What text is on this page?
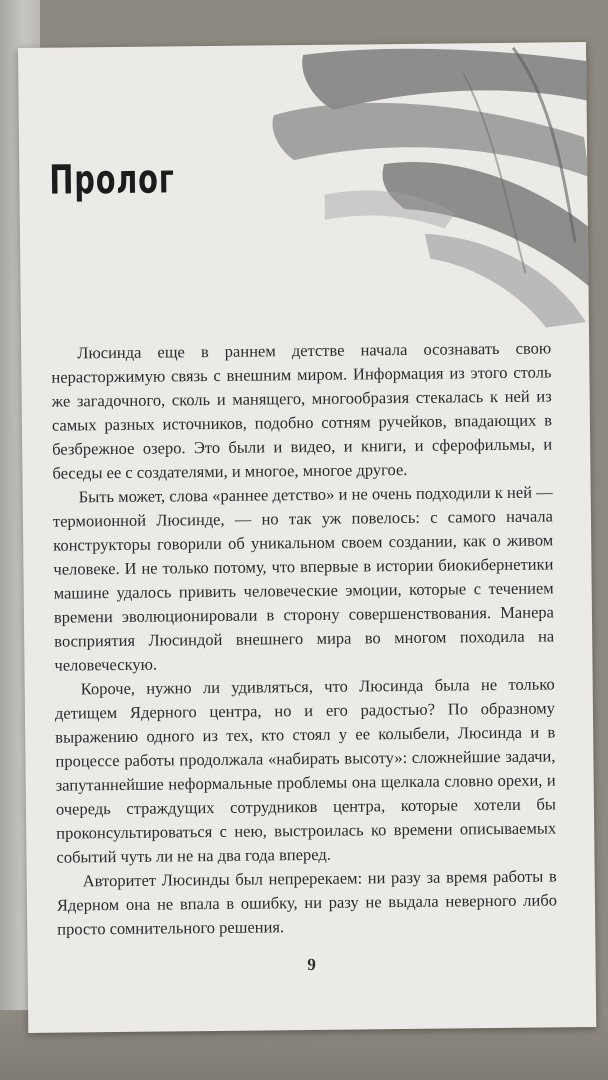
Пролог

Люсинда еще в раннем детстве начала осознавать свою нерасторжимую связь с внешним миром. Информация из этого столь же загадочного, сколь и манящего, многообразия стекалась к ней из самых разных источников, подобно сотням ручейков, впадающих в безбрежное озеро. Это были и видео, и книги, и сферофильмы, и беседы ее с создателями, и многое, многое другое.

Быть может, слова «раннее детство» и не очень подходили к ней — термоионной Люсинде, — но так уж повелось: с самого начала конструкторы говорили об уникальном своем создании, как о живом человеке. И не только потому, что впервые в истории биокибернетики машине удалось привить человеческие эмоции, которые с течением времени эволюционировали в сторону совершенствования. Манера восприятия Люсиндой внешнего мира во многом походила на человеческую.

Короче, нужно ли удивляться, что Люсинда была не только детищем Ядерного центра, но и его радостью? По образному выражению одного из тех, кто стоял у ее колыбели, Люсинда и в процессе работы продолжала «набирать высоту»: сложнейшие задачи, запутаннейшие неформальные проблемы она щелкала словно орехи, и очередь страждущих сотрудников центра, которые хотели бы проконсультироваться с нею, выстроилась ко времени описываемых событий чуть ли не на два года вперед.

Авторитет Люсинды был непререкаем: ни разу за время работы в Ядерном она не впала в ошибку, ни разу не выдала неверного либо просто сомнительного решения.

9
